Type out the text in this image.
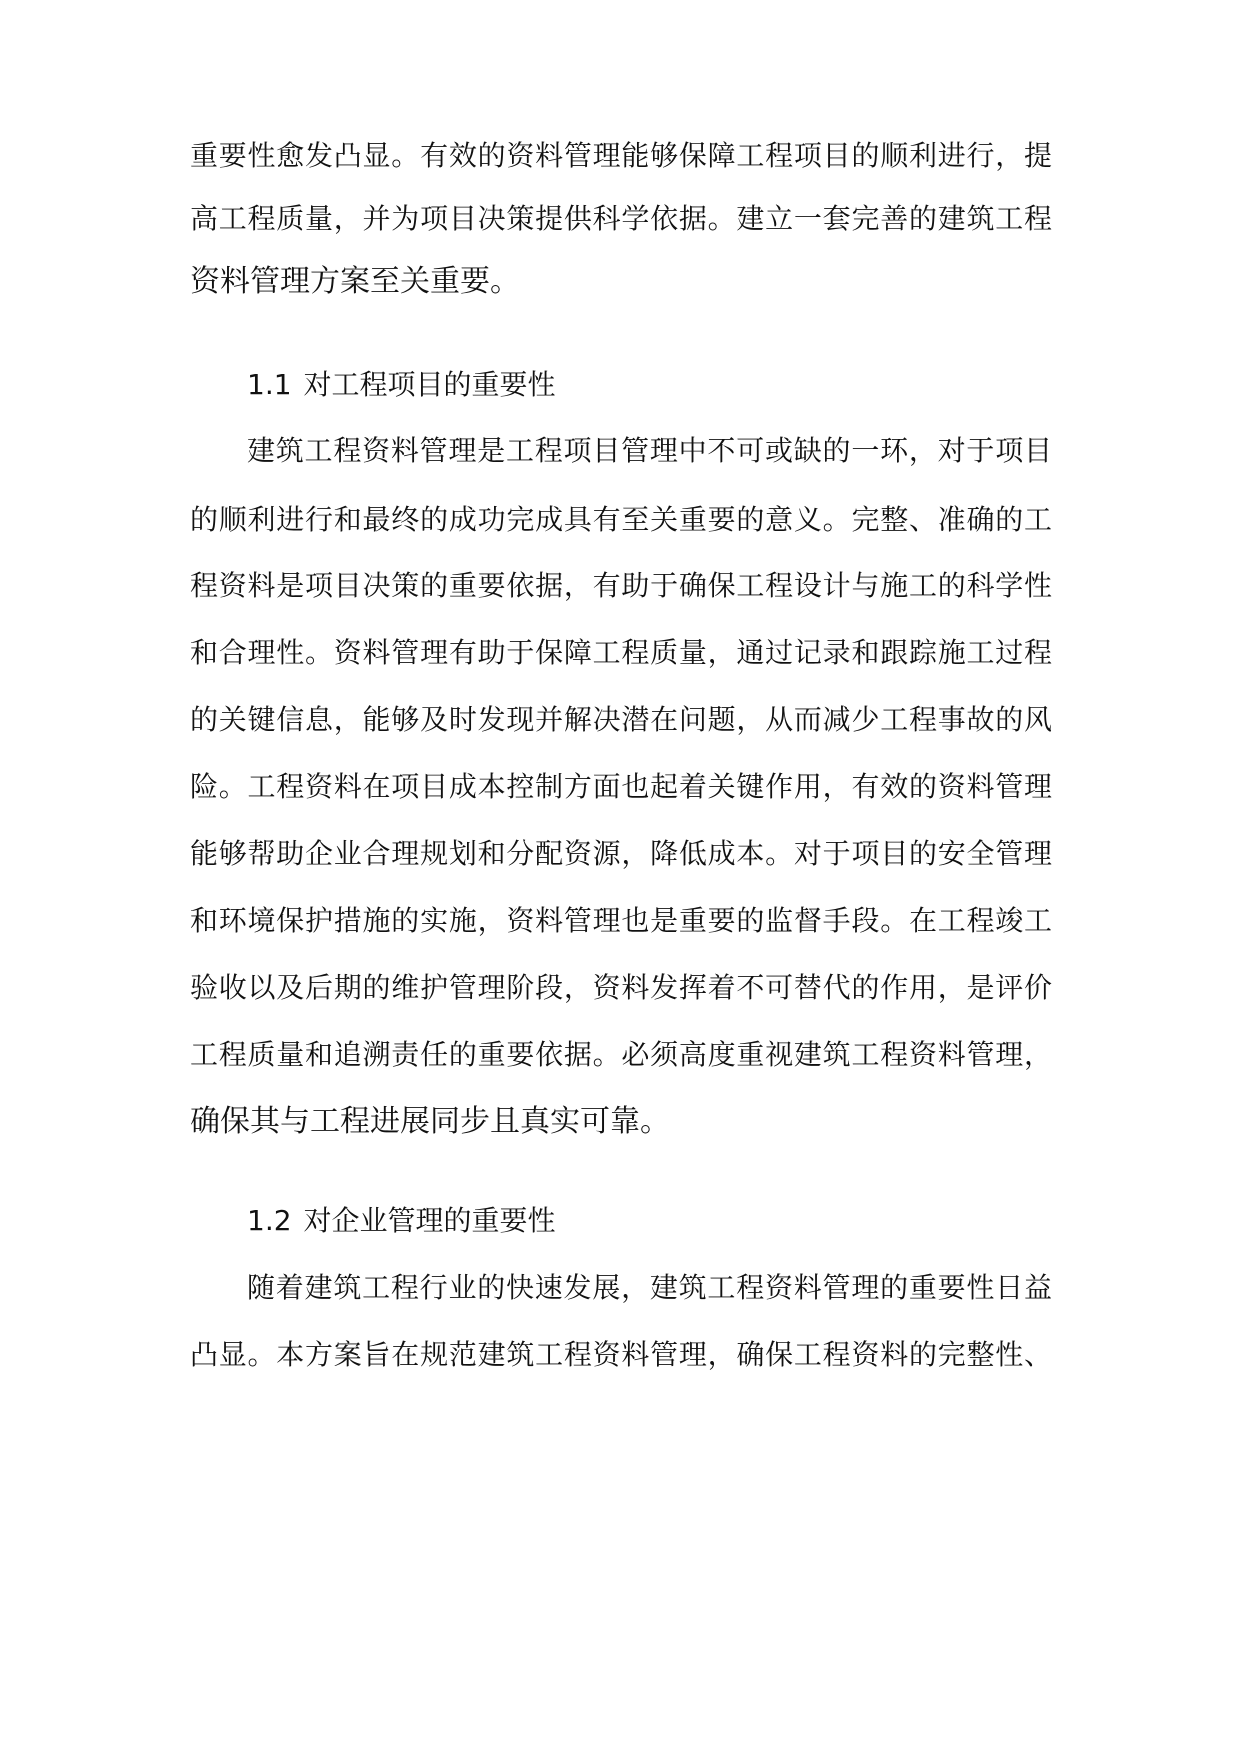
重要性愈发凸显。有效的资料管理能够保障工程项目的顺利进行，提
高工程质量，并为项目决策提供科学依据。建立一套完善的建筑工程
资料管理方案至关重要。
1.1 对工程项目的重要性
建筑工程资料管理是工程项目管理中不可或缺的一环，对于项目
的顺利进行和最终的成功完成具有至关重要的意义。完整、准确的工
程资料是项目决策的重要依据，有助于确保工程设计与施工的科学性
和合理性。资料管理有助于保障工程质量，通过记录和跟踪施工过程
的关键信息，能够及时发现并解决潜在问题，从而减少工程事故的风
险。工程资料在项目成本控制方面也起着关键作用，有效的资料管理
能够帮助企业合理规划和分配资源，降低成本。对于项目的安全管理
和环境保护措施的实施，资料管理也是重要的监督手段。在工程竣工
验收以及后期的维护管理阶段，资料发挥着不可替代的作用，是评价
工程质量和追溯责任的重要依据。必须高度重视建筑工程资料管理，
确保其与工程进展同步且真实可靠。
1.2 对企业管理的重要性
随着建筑工程行业的快速发展，建筑工程资料管理的重要性日益
凸显。本方案旨在规范建筑工程资料管理，确保工程资料的完整性、
